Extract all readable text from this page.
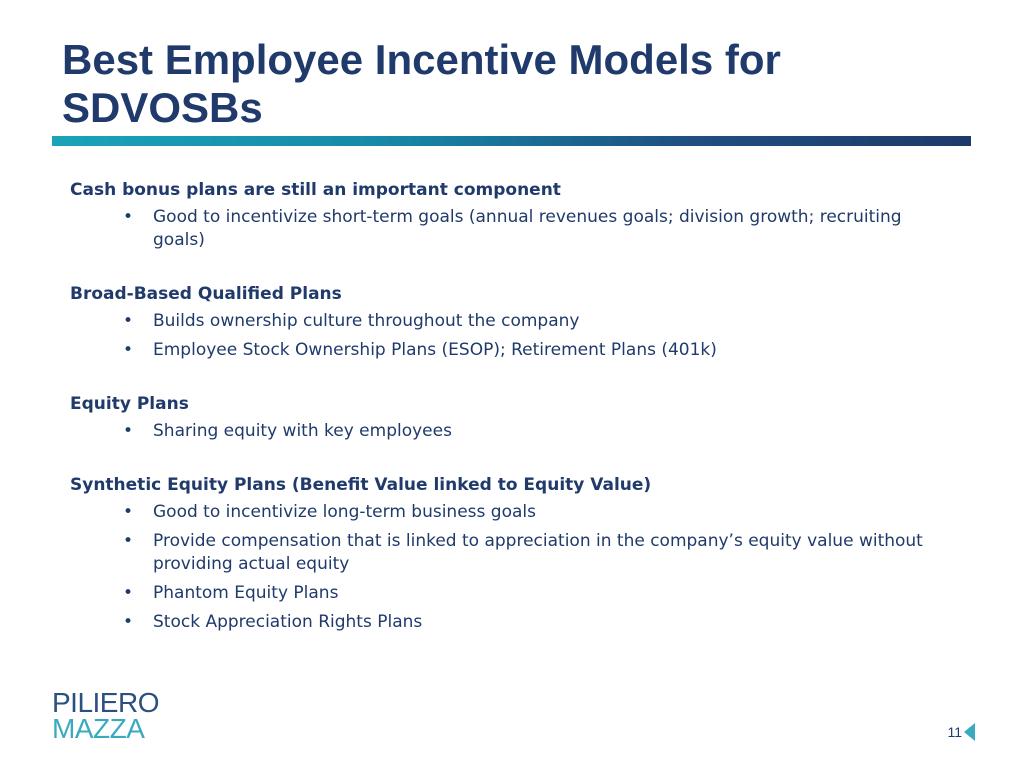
Best Employee Incentive Models for
SDVOSBs
Cash bonus plans are still an important component
• Good to incentivize short-term goals (annual revenues goals; division growth; recruiting goals)
Broad-Based Qualified Plans
• Builds ownership culture throughout the company
• Employee Stock Ownership Plans (ESOP); Retirement Plans (401k)
Equity Plans
• Sharing equity with key employees
Synthetic Equity Plans (Benefit Value linked to Equity Value)
• Good to incentivize long-term business goals
• Provide compensation that is linked to appreciation in the company’s equity value without providing actual equity
• Phantom Equity Plans
• Stock Appreciation Rights Plans
PILIERO
MAZZA	11
